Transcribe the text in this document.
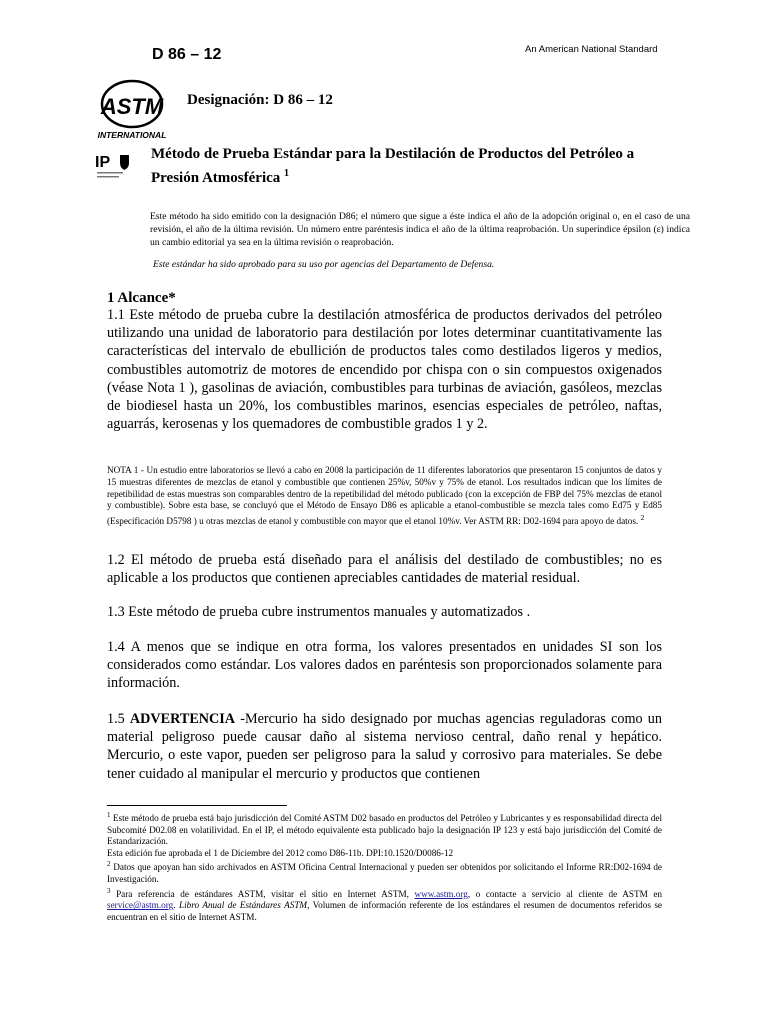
D 86 – 12	An American National Standard
ASTM
INTERNATIONAL
Designación: D 86 – 12
IP	Método de Prueba Estándar para la Destilación de Productos del Petróleo a Presión Atmosférica $^1$
Este método ha sido emitido con la designación D86; el número que sigue a éste indica el año de la adopción original o, en el caso de una revisión, el año de la última revisión. Un número entre paréntesis indica el año de la última reaprobación. Un superíndice épsilon (ε) indica un cambio editorial ya sea en la última revisión o reaprobación.
Este estándar ha sido aprobado para su uso por agencias del Departamento de Defensa.
1 Alcance*
1.1 Este método de prueba cubre la destilación atmosférica de productos derivados del petróleo utilizando una unidad de laboratorio para destilación por lotes determinar cuantitativamente las características del intervalo de ebullición de productos tales como destilados ligeros y medios, combustibles automotriz de motores de encendido por chispa con o sin compuestos oxigenados (véase Nota 1 ), gasolinas de aviación, combustibles para turbinas de aviación, gasóleos, mezclas de biodiesel hasta un 20%, los combustibles marinos, esencias especiales de petróleo, naftas, aguarrás, kerosenas y los quemadores de combustible grados 1 y 2.
NOTA 1 - Un estudio entre laboratorios se llevó a cabo en 2008 la participación de 11 diferentes laboratorios que presentaron 15 conjuntos de datos y 15 muestras diferentes de mezclas de etanol y combustible que contienen 25%v, 50%v y 75% de etanol. Los resultados indican que los límites de repetibilidad de estas muestras son comparables dentro de la repetibilidad del método publicado (con la excepción de FBP del 75% mezclas de etanol y combustible). Sobre esta base, se concluyó que el Método de Ensayo D86 es aplicable a etanol-combustible se mezcla tales como Ed75 y Ed85 (Especificación D5798 ) u otras mezclas de etanol y combustible con mayor que el etanol 10%v. Ver ASTM RR: D02-1694 para apoyo de datos. $^2$
1.2 El método de prueba está diseñado para el análisis del destilado de combustibles; no es aplicable a los productos que contienen apreciables cantidades de material residual.
1.3 Este método de prueba cubre instrumentos manuales y automatizados .
1.4 A menos que se indique en otra forma, los valores presentados en unidades SI son los considerados como estándar. Los valores dados en paréntesis son proporcionados solamente para información.
1.5 ADVERTENCIA -Mercurio ha sido designado por muchas agencias reguladoras como un material peligroso puede causar daño al sistema nervioso central, daño renal y hepático. Mercurio, o este vapor, pueden ser peligroso para la salud y corrosivo para materiales. Se debe tener cuidado al manipular el mercurio y productos que contienen
$^1$ Este método de prueba está bajo jurisdicción del Comité ASTM D02 basado en productos del Petróleo y Lubricantes y es responsabilidad directa del Subcomité D02.08 en volatilividad. En el IP, el método equivalente esta publicado bajo la designación IP 123 y está bajo jurisdicción del Comité de Estandarización.
Esta edición fue aprobada el 1 de Diciembre del 2012 como D86-11b. DPI:10.1520/D0086-12
$^2$ Datos que apoyan han sido archivados en ASTM Oficina Central Internacional y pueden ser obtenidos por solicitando el Informe RR:D02-1694 de Investigación.
$^3$ Para referencia de estándares ASTM, visitar el sitio en Internet ASTM, www.astm.org, o contacte a servicio al cliente de ASTM en service@astm.org. Libro Anual de Estándares ASTM, Volumen de información referente de los estándares el resumen de documentos referidos se encuentran en el sitio de Internet ASTM.
